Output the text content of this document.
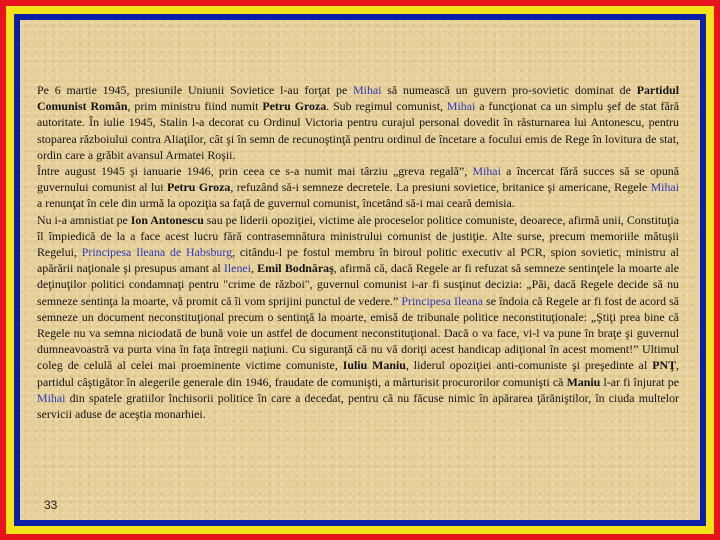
Pe 6 martie 1945, presiunile Uniunii Sovietice l-au forţat pe Mihai să numească un guvern pro-sovietic dominat de Partidul Comunist Român, prim ministru fiind numit Petru Groza. Sub regimul comunist, Mihai a funcţionat ca un simplu şef de stat fără autoritate. În iulie 1945, Stalin l-a decorat cu Ordinul Victoria pentru curajul personal dovedit în răsturnarea lui Antonescu, pentru stoparea războiului contra Aliaţilor, cât şi în semn de recunoştinţă pentru ordinul de încetare a focului emis de Rege în lovitura de stat, ordin care a grăbit avansul Armatei Roşii.

Între august 1945 şi ianuarie 1946, prin ceea ce s-a numit mai târziu „greva regală”, Mihai a încercat fără succes să se opună guvernului comunist al lui Petru Groza, refuzând să-i semneze decretele. La presiuni sovietice, britanice şi americane, Regele Mihai a renunţat în cele din urmă la opoziţia sa faţă de guvernul comunist, încetând să-i mai ceară demisia.

Nu i-a amnistiat pe Ion Antonescu sau pe liderii opoziţiei, victime ale proceselor politice comuniste, deoarece, afirmă unii, Constituţia îl împiedică de la a face acest lucru fără contrasemnătura ministrului comunist de justiţie. Alte surse, precum memoriile mătuşii Regelui, Principesa Ileana de Habsburg, citându-l pe fostul membru în biroul politic executiv al PCR, spion sovietic, ministru al apărării naţionale şi presupus amant al Ilenei, Emil Bodnăraş, afirmă că, dacă Regele ar fi refuzat să semneze sentinţele la moarte ale deţinuţilor politici condamnaţi pentru "crime de război", guvernul comunist i-ar fi susţinut decizia: „Păi, dacă Regele decide să nu semneze sentinţa la moarte, vă promit că îi vom sprijini punctul de vedere.” Principesa Ileana se îndoia că Regele ar fi fost de acord să semneze un document neconstituţional precum o sentinţă la moarte, emisă de tribunale politice neconstituţionale: „Ştiţi prea bine că Regele nu va semna niciodată de bună voie un astfel de document neconstituţional. Dacă o va face, vi-l va pune în braţe şi guvernul dumneavoastră va purta vina în faţa întregii naţiuni. Cu siguranţă că nu vă doriţi acest handicap adiţional în acest moment!” Ultimul coleg de celulă al celei mai proeminente victime comuniste, Iuliu Maniu, liderul opoziţiei anti-comuniste şi preşedinte al PNŢ, partidul câştigător în alegerile generale din 1946, fraudate de comunişti, a mărturisit procurorilor comunişti că Maniu l-ar fi înjurat pe Mihai din spatele gratiilor închisorii politice în care a decedat, pentru că nu făcuse nimic în apărarea ţărăniştilor, în ciuda multelor servicii aduse de aceştia monarhiei.

33
